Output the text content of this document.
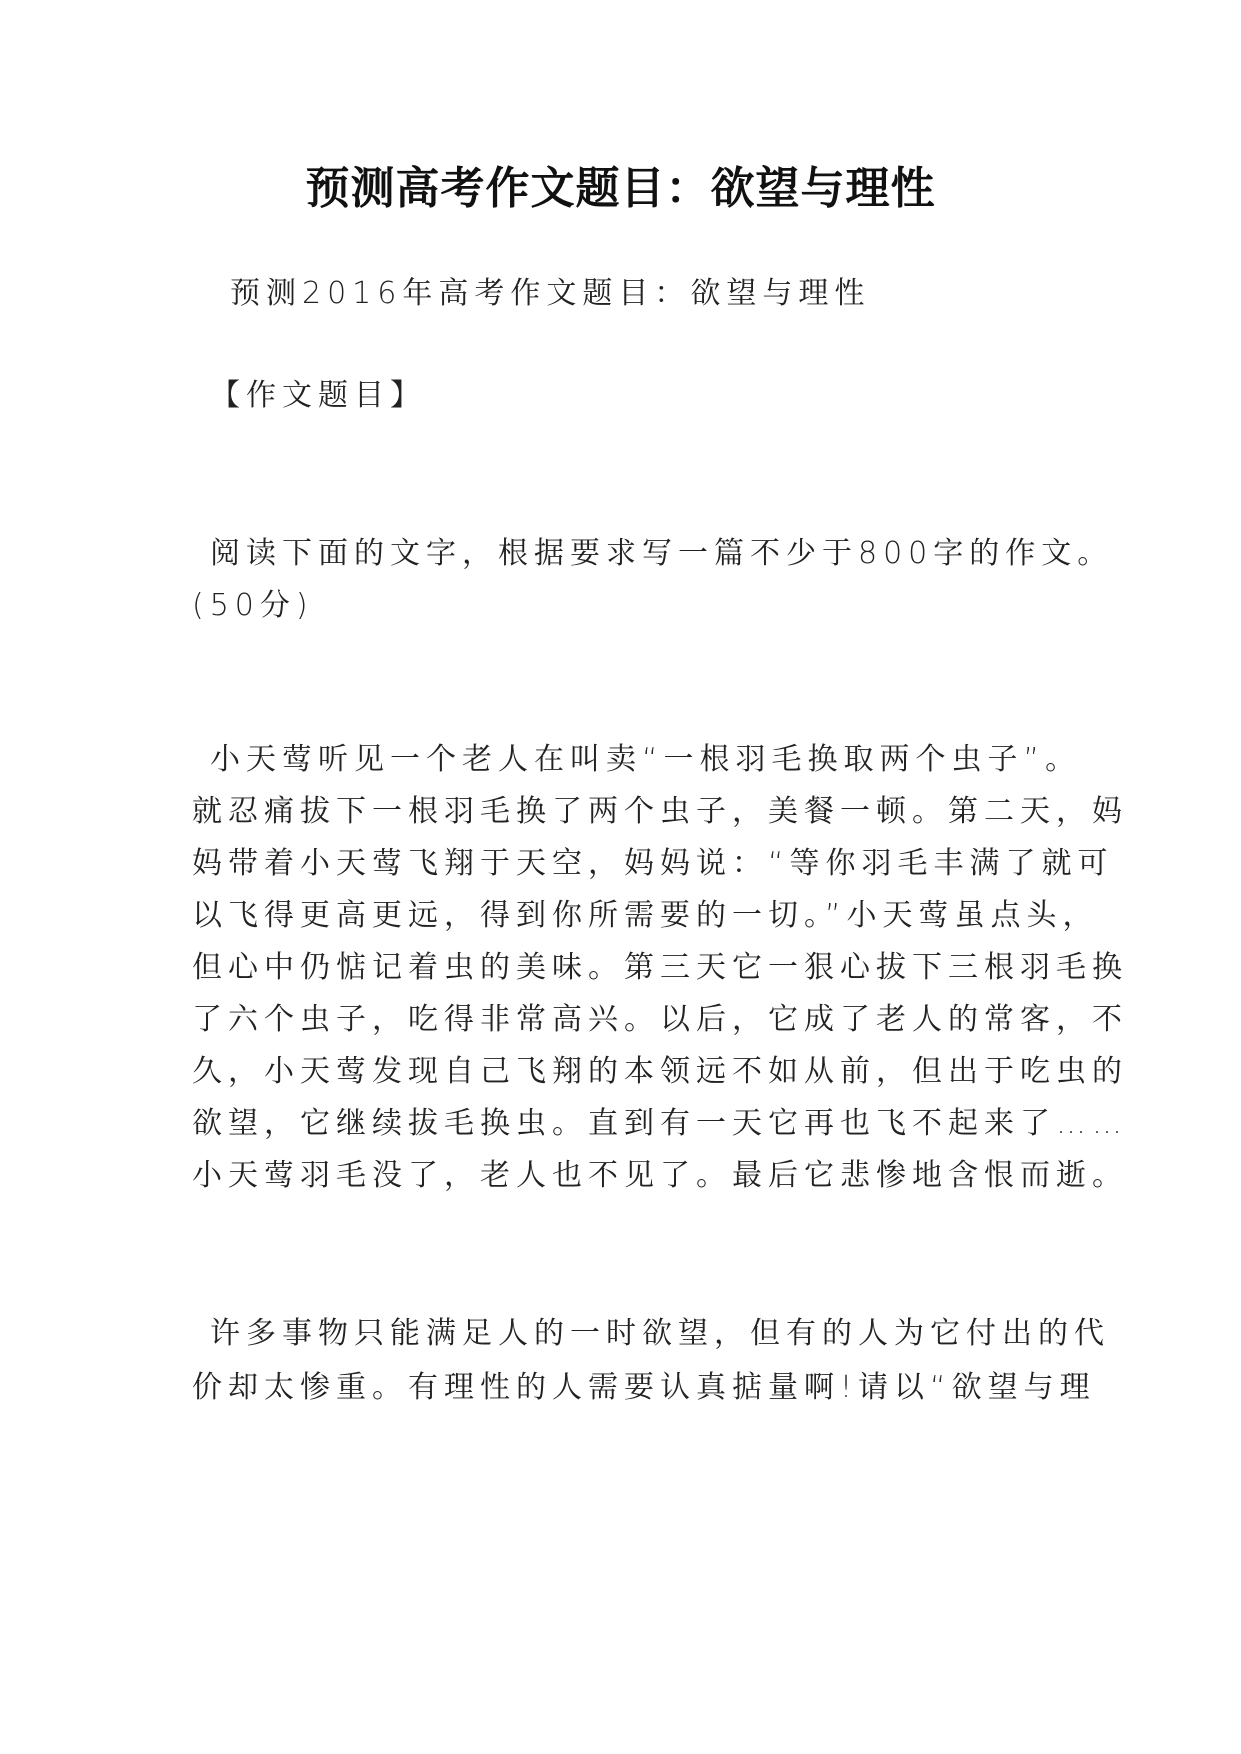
预测高考作文题目：欲望与理性
预测2016年高考作文题目：欲望与理性
【作文题目】
阅读下面的文字，根据要求写一篇不少于800字的作文。
(50分)
小天莺听见一个老人在叫卖“一根羽毛换取两个虫子”。
就忍痛拔下一根羽毛换了两个虫子，美餐一顿。第二天，妈
妈带着小天莺飞翔于天空，妈妈说：“等你羽毛丰满了就可
以飞得更高更远，得到你所需要的一切。”小天莺虽点头，
但心中仍惦记着虫的美味。第三天它一狠心拔下三根羽毛换
了六个虫子，吃得非常高兴。以后，它成了老人的常客，不
久，小天莺发现自己飞翔的本领远不如从前，但出于吃虫的
欲望，它继续拔毛换虫。直到有一天它再也飞不起来了……
小天莺羽毛没了，老人也不见了。最后它悲惨地含恨而逝。
许多事物只能满足人的一时欲望，但有的人为它付出的代
价却太惨重。有理性的人需要认真掂量啊!请以“欲望与理
